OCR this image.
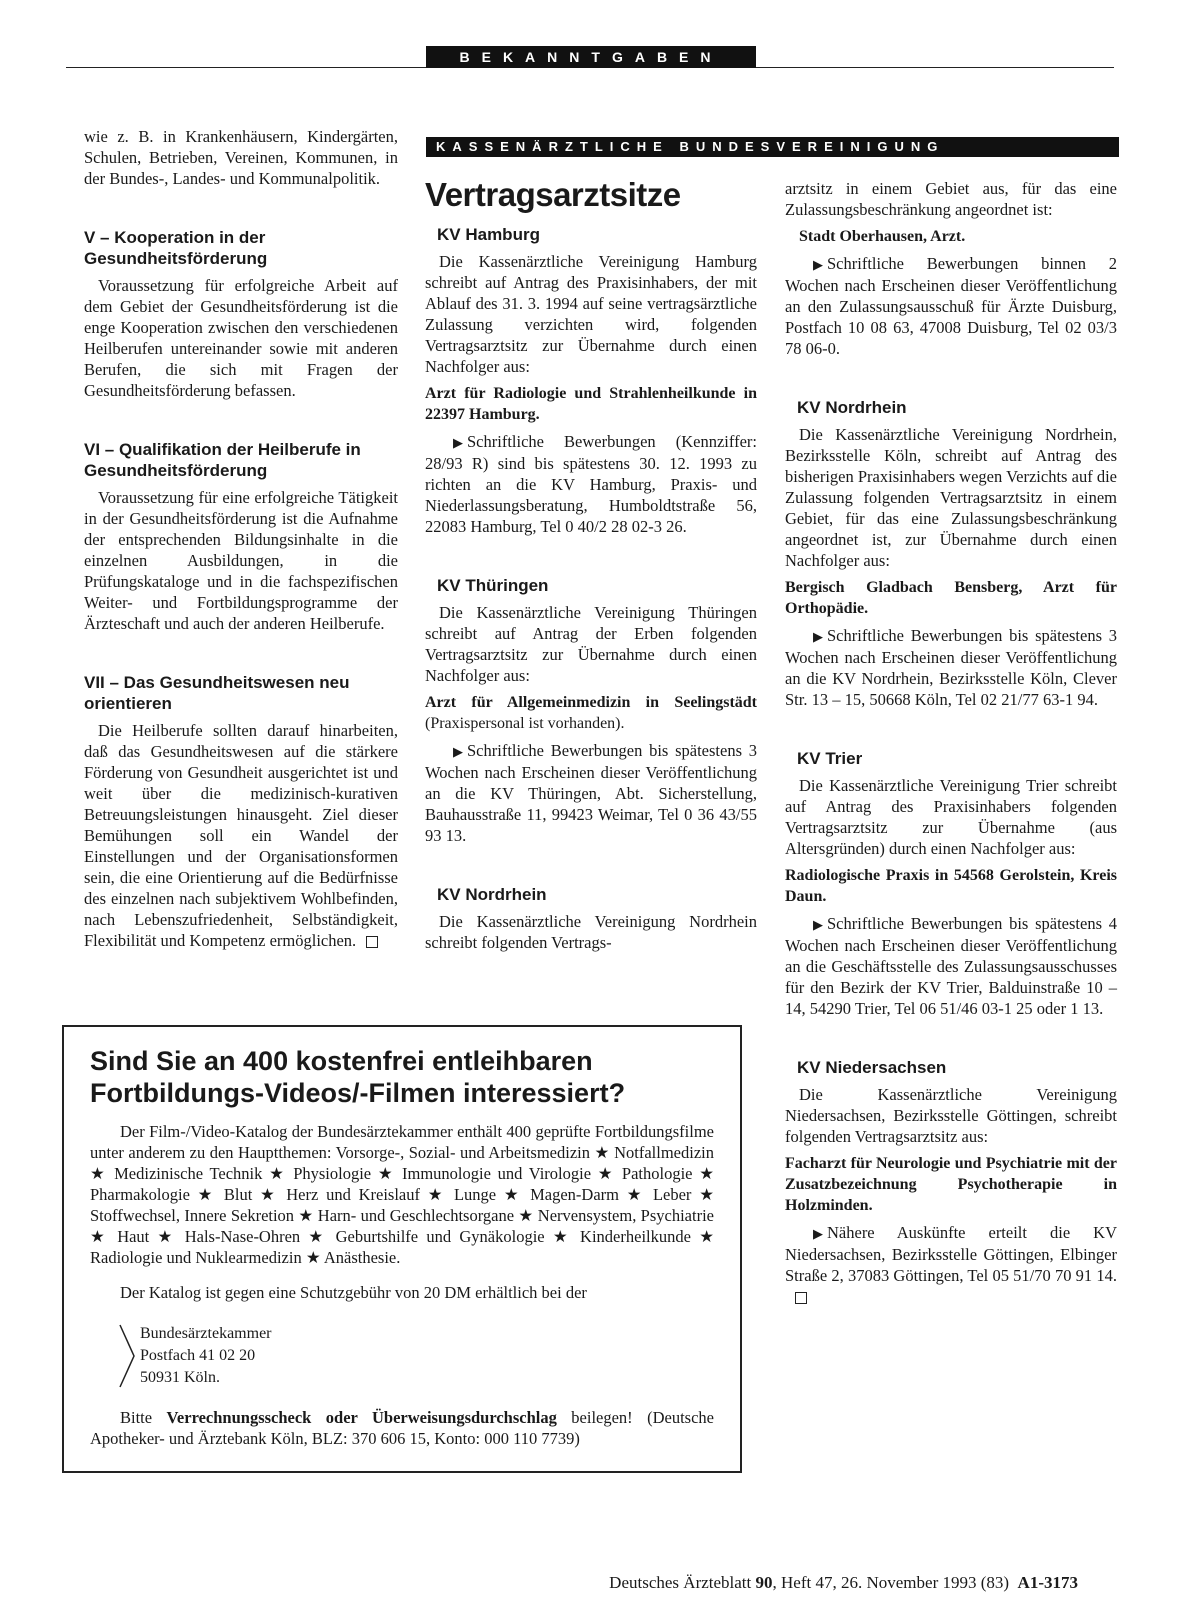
BEKANNTGABEN

wie z. B. in Krankenhäusern, Kindergärten, Schulen, Betrieben, Vereinen, Kommunen, in der Bundes-, Landes- und Kommunalpolitik.

V – Kooperation in der Gesundheitsförderung

Voraussetzung für erfolgreiche Arbeit auf dem Gebiet der Gesundheitsförderung ist die enge Kooperation zwischen den verschiedenen Heilberufen untereinander sowie mit anderen Berufen, die sich mit Fragen der Gesundheitsförderung befassen.

VI – Qualifikation der Heilberufe in Gesundheitsförderung

Voraussetzung für eine erfolgreiche Tätigkeit in der Gesundheitsförderung ist die Aufnahme der entsprechenden Bildungsinhalte in die einzelnen Ausbildungen, in die Prüfungskataloge und in die fachspezifischen Weiter- und Fortbildungsprogramme der Ärzteschaft und auch der anderen Heilberufe.

VII – Das Gesundheitswesen neu orientieren

Die Heilberufe sollten darauf hinarbeiten, daß das Gesundheitswesen auf die stärkere Förderung von Gesundheit ausgerichtet ist und weit über die medizinisch-kurativen Betreuungsleistungen hinausgeht. Ziel dieser Bemühungen soll ein Wandel der Einstellungen und der Organisationsformen sein, die eine Orientierung auf die Bedürfnisse des einzelnen nach subjektivem Wohlbefinden, nach Lebenszufriedenheit, Selbständigkeit, Flexibilität und Kompetenz ermöglichen.

KASSENÄRZTLICHE BUNDESVEREINIGUNG

Vertragsarztsitze

KV Hamburg

Die Kassenärztliche Vereinigung Hamburg schreibt auf Antrag des Praxisinhabers, der mit Ablauf des 31. 3. 1994 auf seine vertragsärztliche Zulassung verzichten wird, folgenden Vertragsarztsitz zur Übernahme durch einen Nachfolger aus:

Arzt für Radiologie und Strahlenheilkunde in 22397 Hamburg.

▶ Schriftliche Bewerbungen (Kennziffer: 28/93 R) sind bis spätestens 30. 12. 1993 zu richten an die KV Hamburg, Praxis- und Niederlassungsberatung, Humboldtstraße 56, 22083 Hamburg, Tel 0 40/2 28 02-3 26.

KV Thüringen

Die Kassenärztliche Vereinigung Thüringen schreibt auf Antrag der Erben folgenden Vertragsarztsitz zur Übernahme durch einen Nachfolger aus:

Arzt für Allgemeinmedizin in Seelingstädt (Praxispersonal ist vorhanden).

▶ Schriftliche Bewerbungen bis spätestens 3 Wochen nach Erscheinen dieser Veröffentlichung an die KV Thüringen, Abt. Sicherstellung, Bauhausstraße 11, 99423 Weimar, Tel 0 36 43/55 93 13.

KV Nordrhein

Die Kassenärztliche Vereinigung Nordrhein schreibt folgenden Vertrags-

arztsitz in einem Gebiet aus, für das eine Zulassungsbeschränkung angeordnet ist:

Stadt Oberhausen, Arzt.

▶ Schriftliche Bewerbungen binnen 2 Wochen nach Erscheinen dieser Veröffentlichung an den Zulassungsausschuß für Ärzte Duisburg, Postfach 10 08 63, 47008 Duisburg, Tel 02 03/3 78 06-0.

KV Nordrhein

Die Kassenärztliche Vereinigung Nordrhein, Bezirksstelle Köln, schreibt auf Antrag des bisherigen Praxisinhabers wegen Verzichts auf die Zulassung folgenden Vertragsarztsitz in einem Gebiet, für das eine Zulassungsbeschränkung angeordnet ist, zur Übernahme durch einen Nachfolger aus:

Bergisch Gladbach Bensberg, Arzt für Orthopädie.

▶ Schriftliche Bewerbungen bis spätestens 3 Wochen nach Erscheinen dieser Veröffentlichung an die KV Nordrhein, Bezirksstelle Köln, Clever Str. 13 – 15, 50668 Köln, Tel 02 21/77 63-1 94.

KV Trier

Die Kassenärztliche Vereinigung Trier schreibt auf Antrag des Praxisinhabers folgenden Vertragsarztsitz zur Übernahme (aus Altersgründen) durch einen Nachfolger aus:

Radiologische Praxis in 54568 Gerolstein, Kreis Daun.

▶ Schriftliche Bewerbungen bis spätestens 4 Wochen nach Erscheinen dieser Veröffentlichung an die Geschäftsstelle des Zulassungsausschusses für den Bezirk der KV Trier, Balduinstraße 10 – 14, 54290 Trier, Tel 06 51/46 03-1 25 oder 1 13.

KV Niedersachsen

Die Kassenärztliche Vereinigung Niedersachsen, Bezirksstelle Göttingen, schreibt folgenden Vertragsarztsitz aus:

Facharzt für Neurologie und Psychiatrie mit der Zusatzbezeichnung Psychotherapie in Holzminden.

▶ Nähere Auskünfte erteilt die KV Niedersachsen, Bezirksstelle Göttingen, Elbinger Straße 2, 37083 Göttingen, Tel 05 51/70 70 91 14.

Sind Sie an 400 kostenfrei entleihbaren Fortbildungs-Videos/-Filmen interessiert?

Der Film-/Video-Katalog der Bundesärztekammer enthält 400 geprüfte Fortbildungsfilme unter anderem zu den Hauptthemen: Vorsorge-, Sozial- und Arbeitsmedizin ★ Notfallmedizin ★ Medizinische Technik ★ Physiologie ★ Immunologie und Virologie ★ Pathologie ★ Pharmakologie ★ Blut ★ Herz und Kreislauf ★ Lunge ★ Magen-Darm ★ Leber ★ Stoffwechsel, Innere Sekretion ★ Harn- und Geschlechtsorgane ★ Nervensystem, Psychiatrie ★ Haut ★ Hals-Nase-Ohren ★ Geburtshilfe und Gynäkologie ★ Kinderheilkunde ★ Radiologie und Nuklearmedizin ★ Anästhesie.

Der Katalog ist gegen eine Schutzgebühr von 20 DM erhältlich bei der

Bundesärztekammer
Postfach 41 02 20
50931 Köln.

Bitte Verrechnungsscheck oder Überweisungsdurchschlag beilegen! (Deutsche Apotheker- und Ärztebank Köln, BLZ: 370 606 15, Konto: 000 110 7739)

Deutsches Ärzteblatt 90, Heft 47, 26. November 1993 (83) A1-3173
